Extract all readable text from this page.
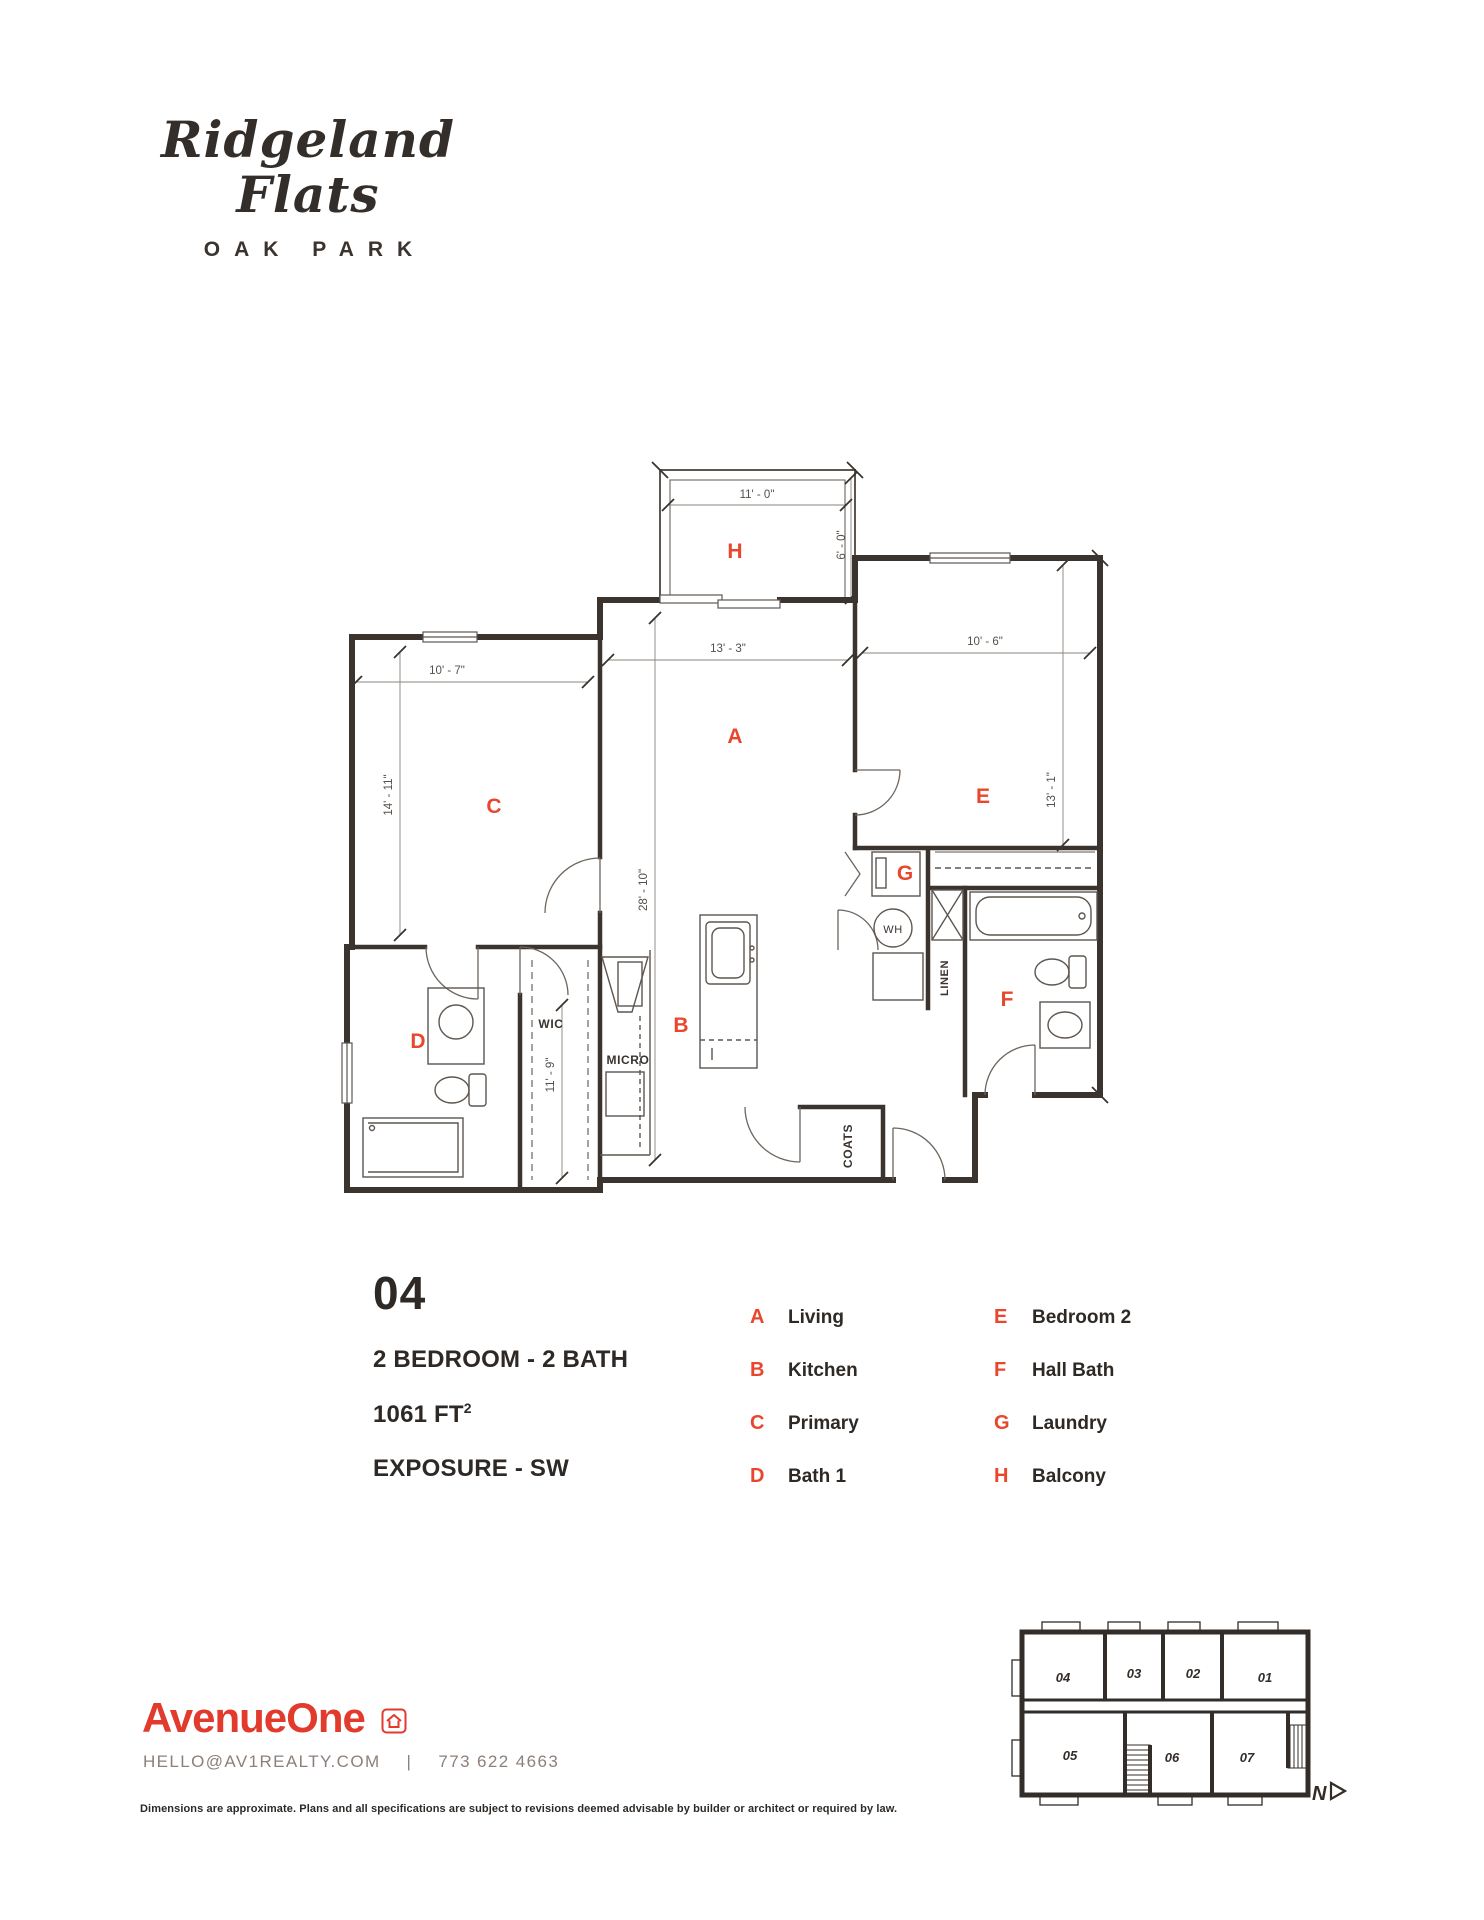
Ridgeland Flats
OAK PARK
11' - 0"
6' - 0"
13' - 3"
28' - 10"
10' - 6"
13' - 1"
10' - 7"
14' - 11"
11' - 9"
A
B
C
D
E
F
G
H
WIC
MICRO
WH
LINEN
COATS
04
2 BEDROOM - 2 BATH
1061 $FT^2$
EXPOSURE - SW
A	Living
B	Kitchen
C	Primary
D	Bath 1
E	Bedroom 2
F	Hall Bath
G	Laundry
H	Balcony
04	03	02	01
05	06	07
N
AvenueOne
HELLO@AV1REALTY.COM | 773 622 4663
Dimensions are approximate. Plans and all specifications are subject to revisions deemed advisable by builder or architect or required by law.
